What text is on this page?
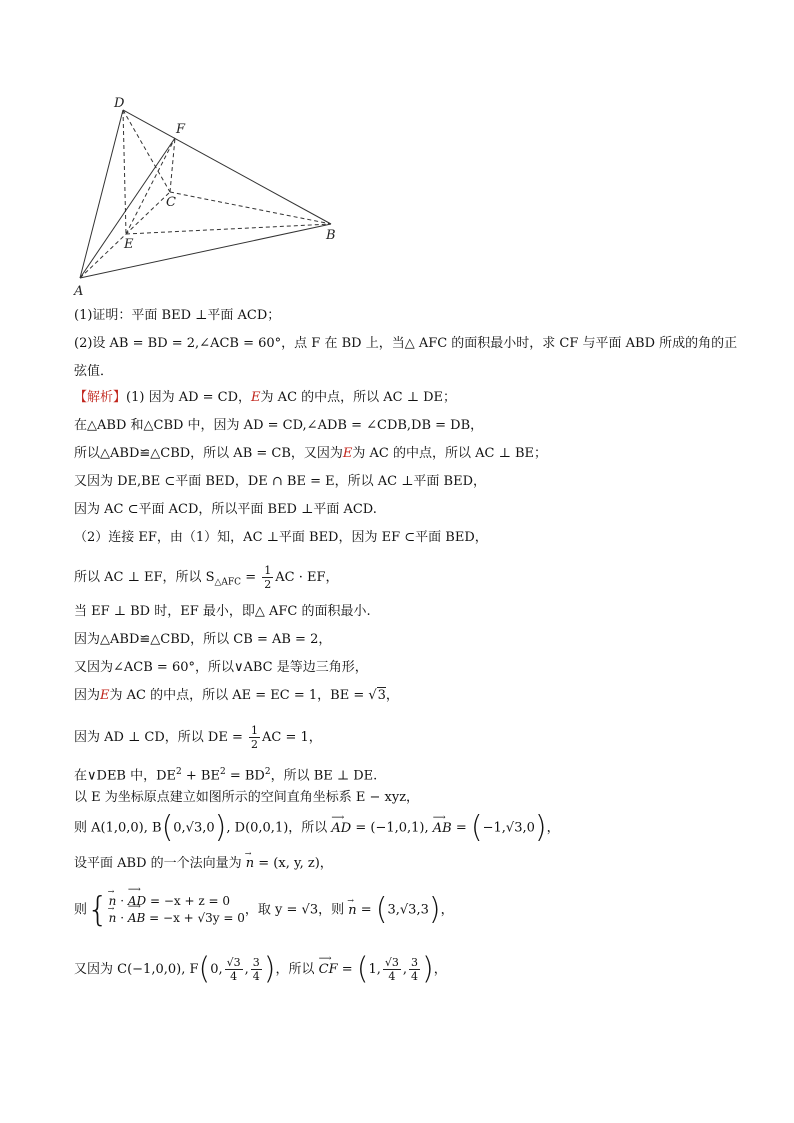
D
F
C
E
B
A
(1)证明：平面 BED ⊥平面 ACD；
(2)设 AB = BD = 2,∠ACB = 60°，点 F 在 BD 上，当△ AFC 的面积最小时，求 CF 与平面 ABD 所成的角的正
弦值．
【解析】(1) 因为 AD = CD，E为 AC 的中点，所以 AC ⊥ DE；
在△ABD 和△CBD 中，因为 AD = CD,∠ADB = ∠CDB,DB = DB，
所以△ABD≌△CBD，所以 AB = CB，又因为E为 AC 的中点，所以 AC ⊥ BE；
又因为 DE,BE ⊂平面 BED，DE ∩ BE = E，所以 AC ⊥平面 BED，
因为 AC ⊂平面 ACD，所以平面 BED ⊥平面 ACD.
（2）连接 EF，由（1）知，AC ⊥平面 BED，因为 EF ⊂平面 BED，
所以 AC ⊥ EF，所以 $S_{\triangle AFC} = \frac{1}{2}$ AC · EF，
当 EF ⊥ BD 时，EF 最小，即△ AFC 的面积最小.
因为△ABD≌△CBD，所以 CB = AB = 2，
又因为∠ACB = 60°，所以∨ABC 是等边三角形，
因为E为 AC 的中点，所以 AE = EC = 1，BE = √3，
因为 AD ⊥ CD，所以 DE = $\frac{1}{2}$ AC = 1，
在∨DEB 中，$DE^2 + BE^2 = BD^2$，所以 BE ⊥ DE.
以 E 为坐标原点建立如图所示的空间直角坐标系 E − xyz，
则 A(1,0,0), B(0,√3,0), D(0,0,1)，所以 ⟶ AD = (−1,0,1), ⟶ AB = (−1,√3,0)，
设平面 ABD 的一个法向量为 → n = (x, y, z)，
则{
→ n · ⟶ AD = −x + z = 0
→ n · ⟶ AB = −x + √3y = 0
，取 y = √3，则 → n = (3,√3,3)，
又因为 C(−1,0,0), F(0, $\frac{√3}{4}$ , $\frac{3}{4}$ )，所以 ⟶ CF = (1, $\frac{√3}{4}$ , $\frac{3}{4}$ )，
